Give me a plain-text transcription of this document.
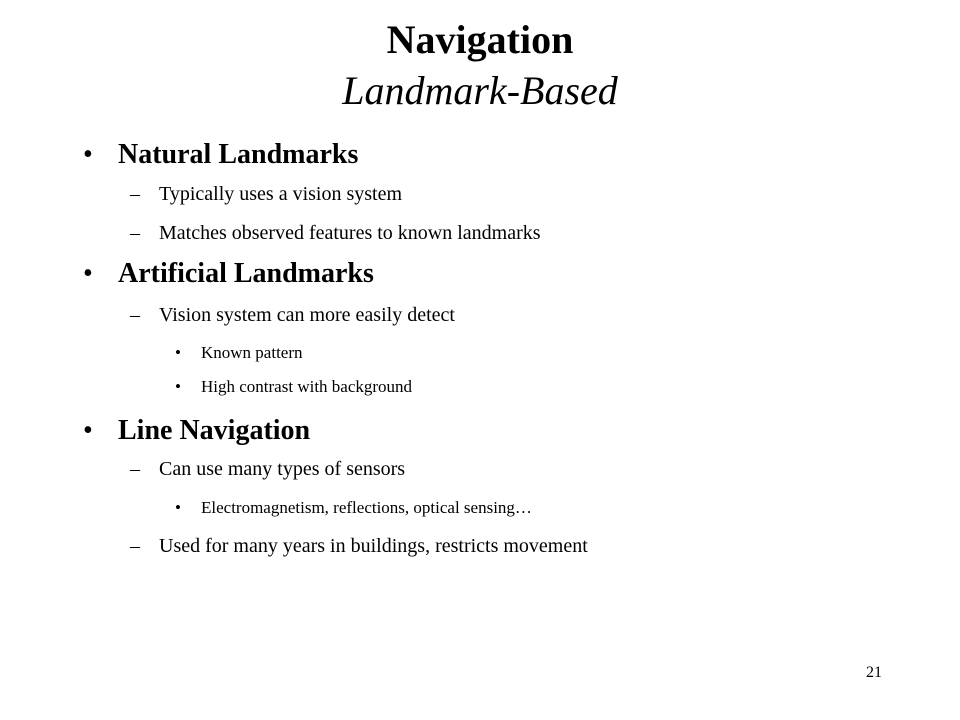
Navigation
Landmark-Based
• Natural Landmarks
– Typically uses a vision system
– Matches observed features to known landmarks
• Artificial Landmarks
– Vision system can more easily detect
• Known pattern
• High contrast with background
• Line Navigation
– Can use many types of sensors
• Electromagnetism, reflections, optical sensing…
– Used for many years in buildings, restricts movement
21
